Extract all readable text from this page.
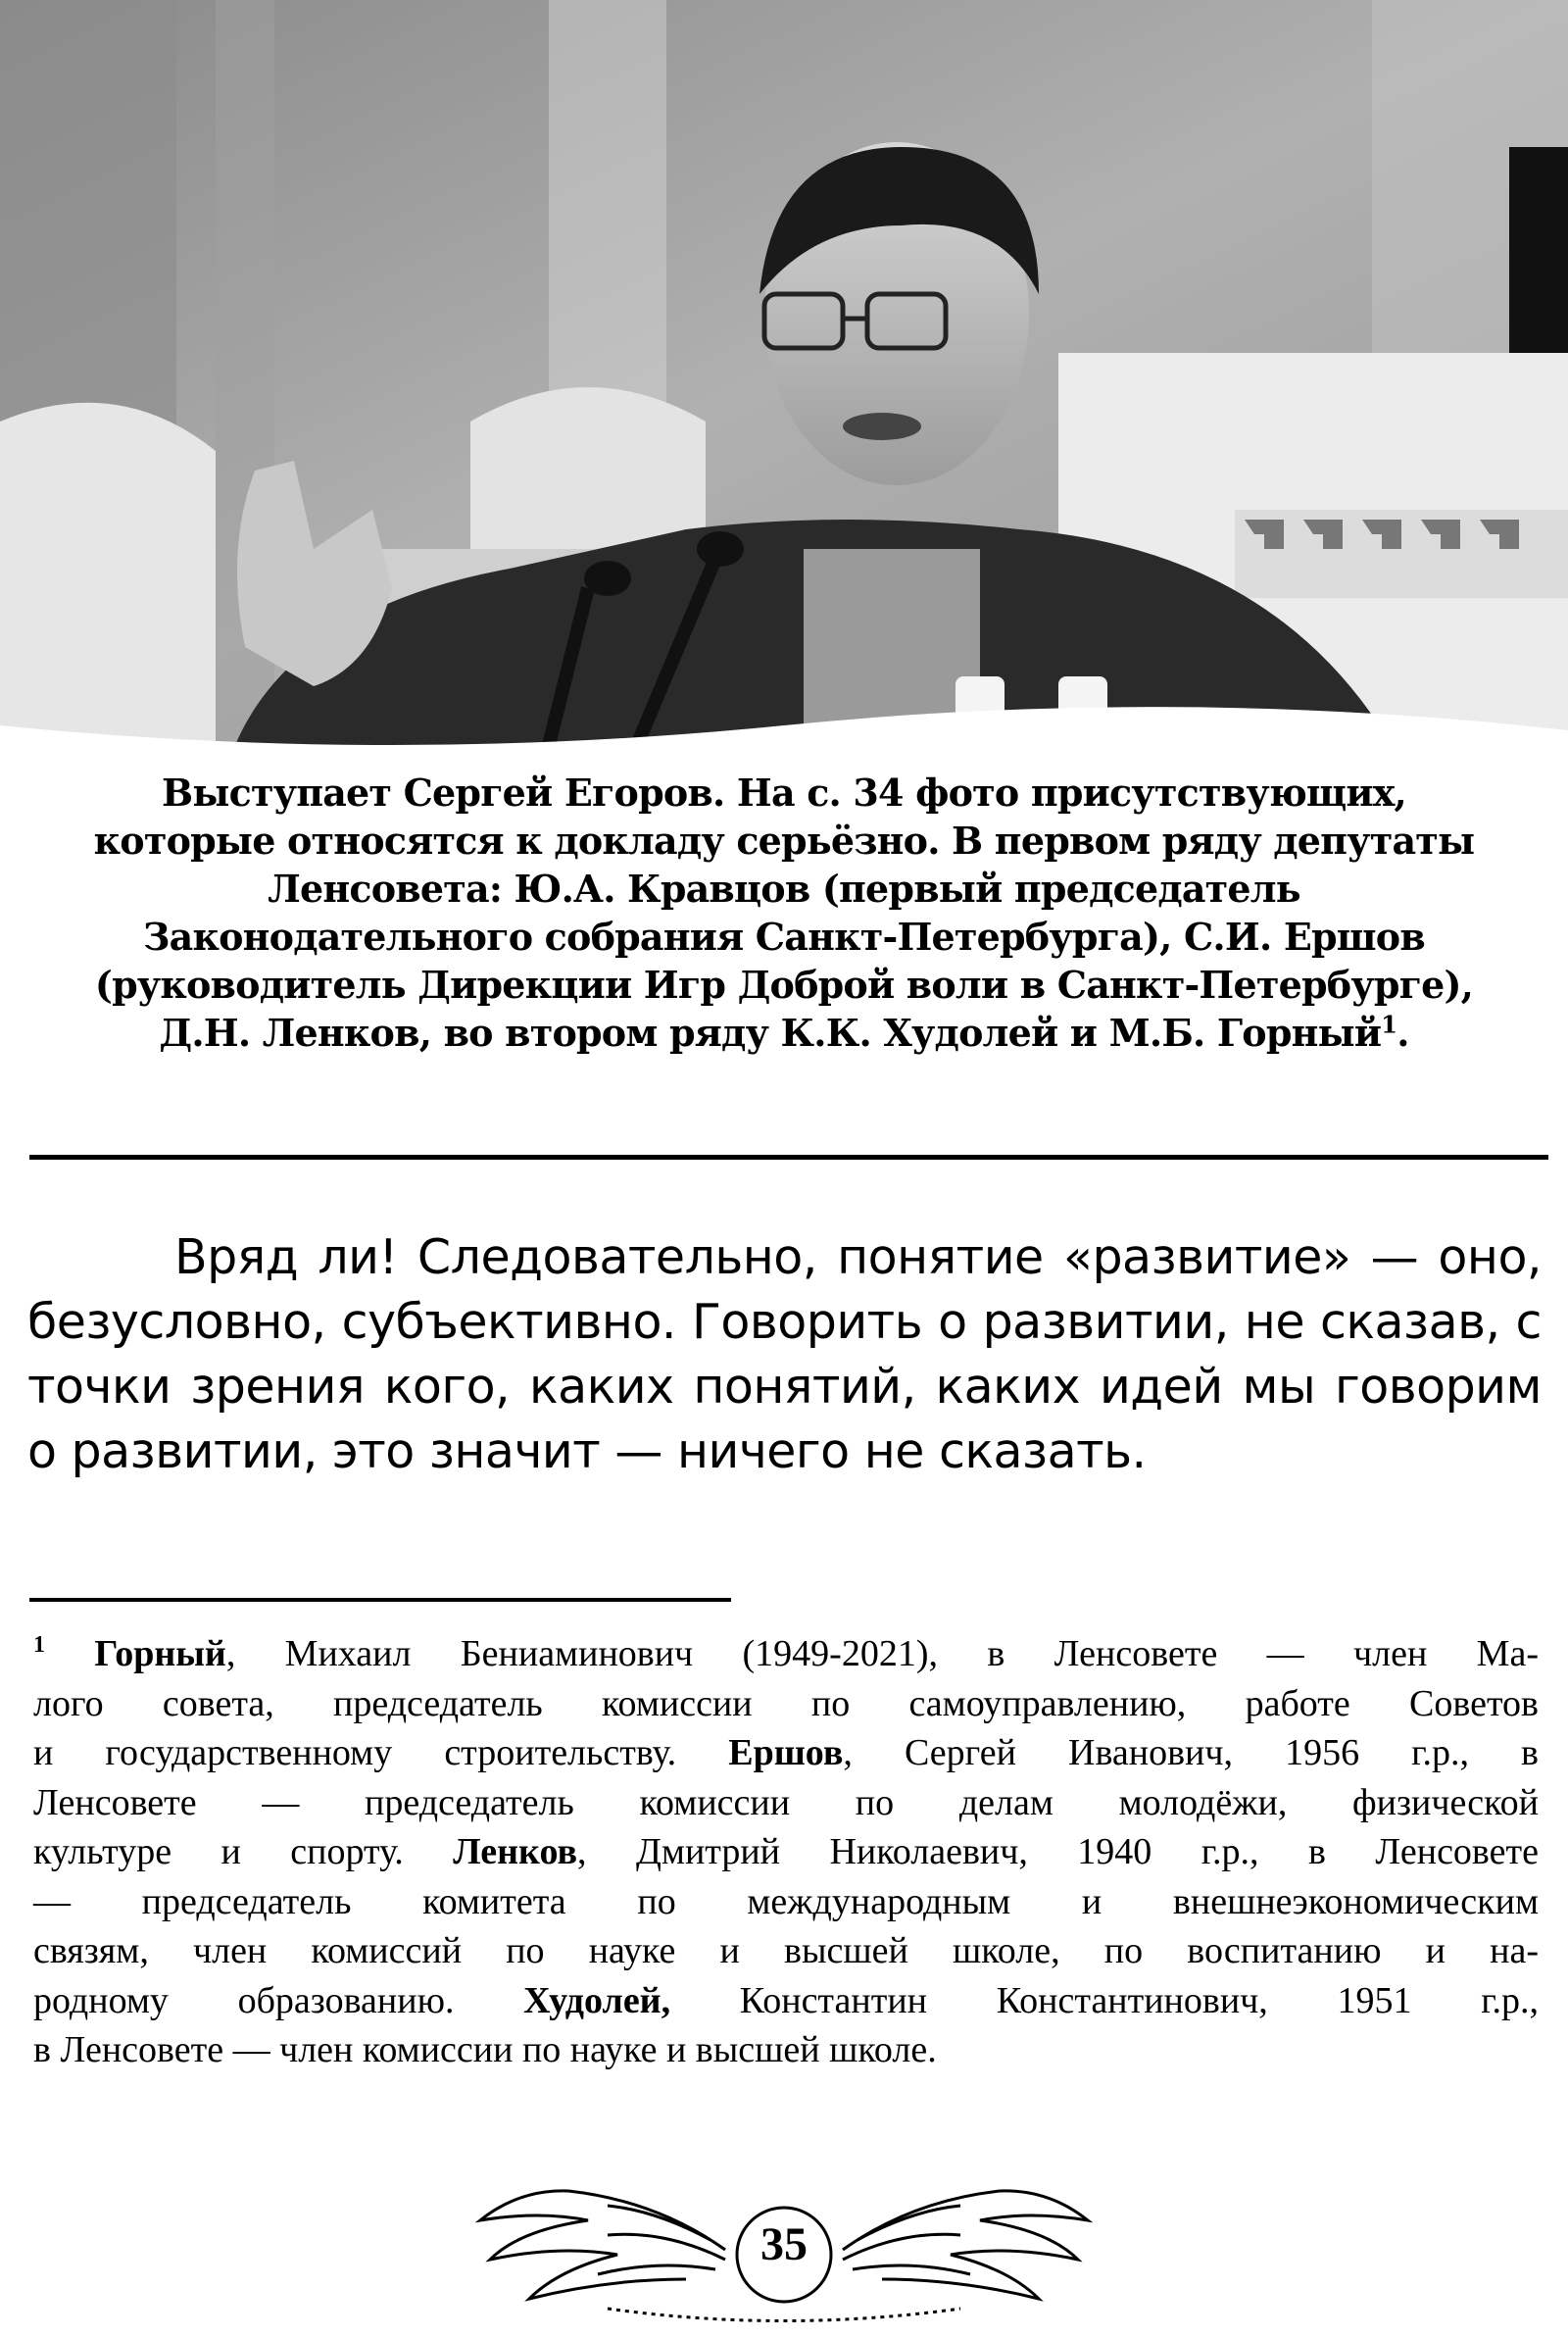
Выступает Сергей Егоров. На с. 34 фото присутствующих,
которые относятся к докладу серьёзно. В первом ряду депутаты
Ленсовета: Ю.А. Кравцов (первый председатель
Законодательного собрания Санкт-Петербурга), С.И. Ершов
(руководитель Дирекции Игр Доброй воли в Санкт-Петербурге),
Д.Н. Ленков, во втором ряду К.К. Худолей и М.Б. Горный$^1$.
Вряд ли! Следовательно, понятие «развитие» — оно,
безусловно, субъективно. Говорить о развитии, не сказав, с
точки зрения кого, каких понятий, каких идей мы говорим
о развитии, это значит — ничего не сказать.
$^1$ Горный, Михаил Бениаминович (1949-2021), в Ленсовете — член Ма-
лого совета, председатель комиссии по самоуправлению, работе Советов
и государственному строительству. Ершов, Сергей Иванович, 1956 г.р., в
Ленсовете — председатель комиссии по делам молодёжи, физической
культуре и спорту. Ленков, Дмитрий Николаевич, 1940 г.р., в Ленсовете
— председатель комитета по международным и внешнеэкономическим
связям, член комиссий по науке и высшей школе, по воспитанию и на-
родному образованию. Худолей, Константин Константинович, 1951 г.р.,
в Ленсовете — член комиссии по науке и высшей школе.
35
